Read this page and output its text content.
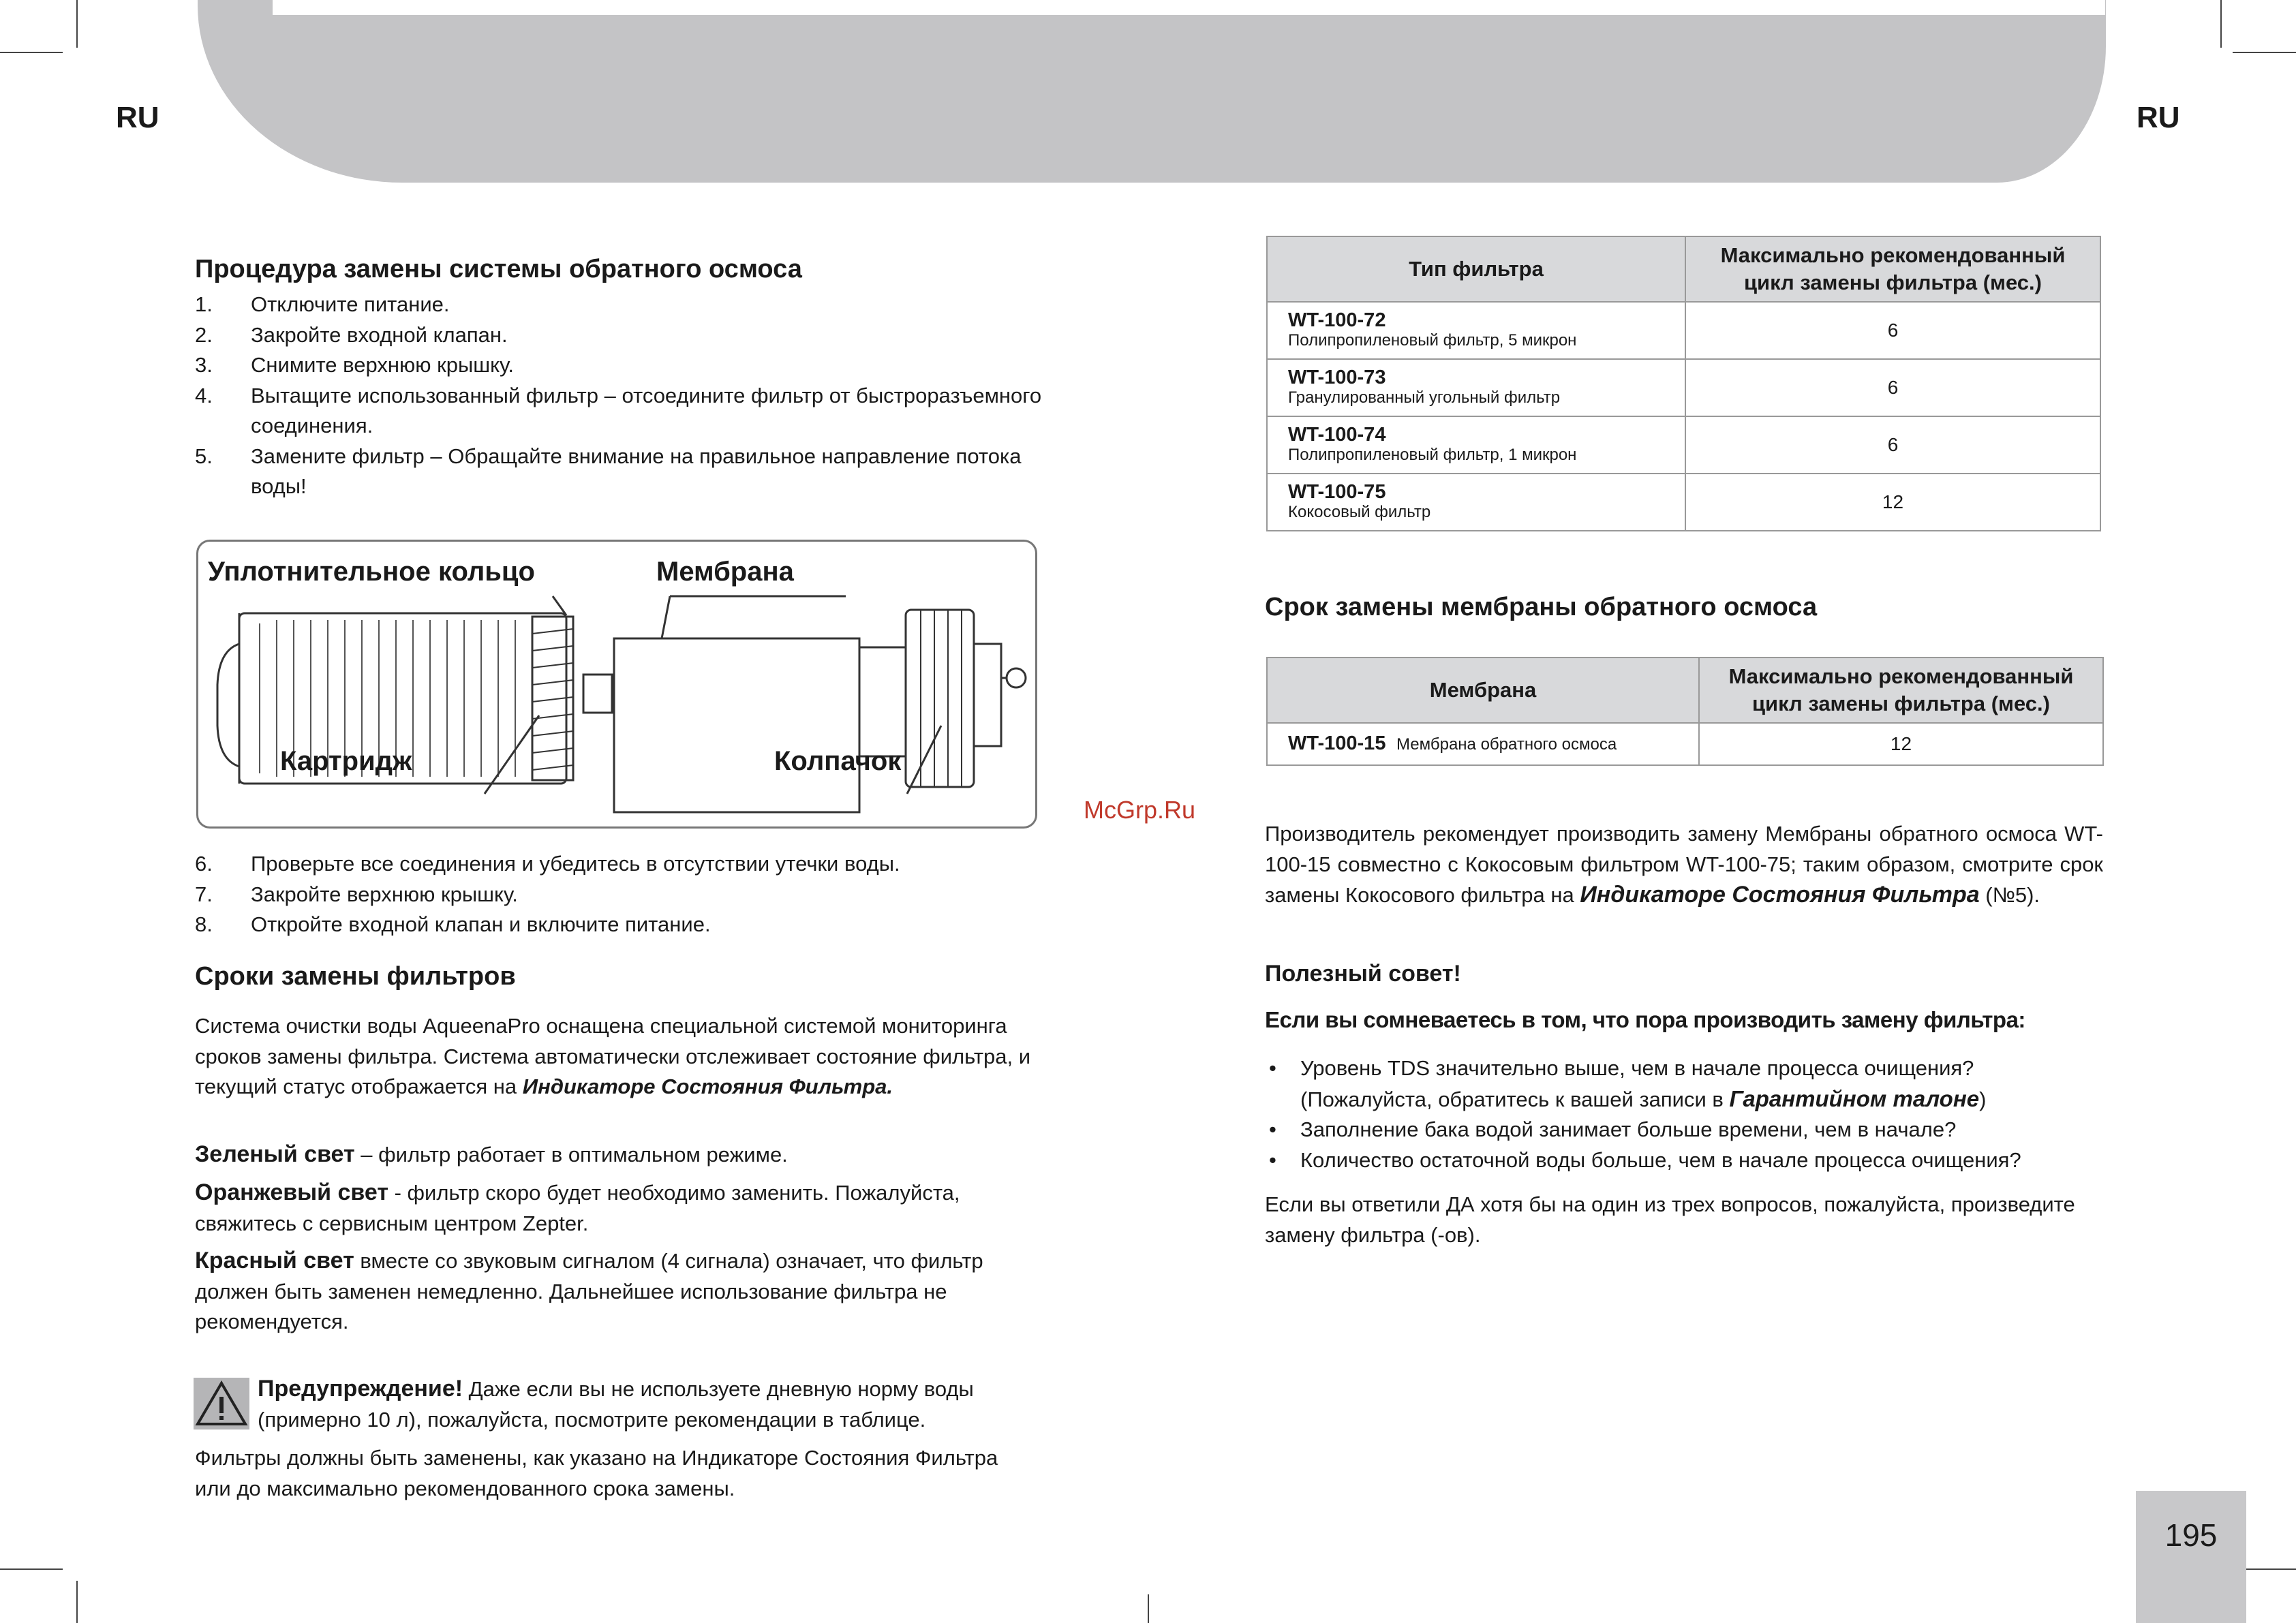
RU	RU
Процедура замены системы обратного осмоса
1. Отключите питание.
2. Закройте входной клапан.
3. Снимите верхнюю крышку.
4. Вытащите использованный фильтр – отсоедините фильтр от быстроразъемного соединения.
5. Замените фильтр – Обращайте внимание на правильное направление потока воды!
Уплотнительное кольцо	Мембрана
Картридж	Колпачок
6. Проверьте все соединения и убедитесь в отсутствии утечки воды.
7. Закройте верхнюю крышку.
8. Откройте входной клапан и включите питание.
Сроки замены фильтров
Система очистки воды AqueenaPro оснащена специальной системой мониторинга сроков замены фильтра. Система автоматически отслеживает состояние фильтра, и текущий статус отображается на Индикаторе Состояния Фильтра.
Зеленый свет – фильтр работает в оптимальном режиме.
Оранжевый свет - фильтр скоро будет необходимо заменить. Пожалуйста, свяжитесь с сервисным центром Zepter.
Красный свет вместе со звуковым сигналом (4 сигнала) означает, что фильтр должен быть заменен немедленно. Дальнейшее использование фильтра не рекомендуется.
Предупреждение! Даже если вы не используете дневную норму воды (примерно 10 л), пожалуйста, посмотрите рекомендации в таблице.
Фильтры должны быть заменены, как указано на Индикаторе Состояния Фильтра или до максимально рекомендованного срока замены.
McGrp.Ru
Тип фильтра	Максимально рекомендованный цикл замены фильтра (мес.)

WT-100-72
Полипропиленовый фильтр, 5 микрон	6

WT-100-73
Гранулированный угольный фильтр	6

WT-100-74
Полипропиленовый фильтр, 1 микрон	6

WT-100-75
Кокосовый фильтр	12
Срок замены мембраны обратного осмоса
Мембрана	Максимально рекомендованный цикл замены фильтра (мес.)
WT-100-15 Мембрана обратного осмоса	12
Производитель рекомендует производить замену Мембраны обратного осмоса WT-100-15 совместно с Кокосовым фильтром WT-100-75; таким образом, смотрите срок замены Кокосового фильтра на Индикаторе Состояния Фильтра (№5).
Полезный совет!
Если вы сомневаетесь в том, что пора производить замену фильтра:
• Уровень TDS значительно выше, чем в начале процесса очищения? (Пожалуйста, обратитесь к вашей записи в Гарантийном талоне)
• Заполнение бака водой занимает больше времени, чем в начале?
• Количество остаточной воды больше, чем в начале процесса очищения?
Если вы ответили ДА хотя бы на один из трех вопросов, пожалуйста, произведите замену фильтра (-ов).
195
